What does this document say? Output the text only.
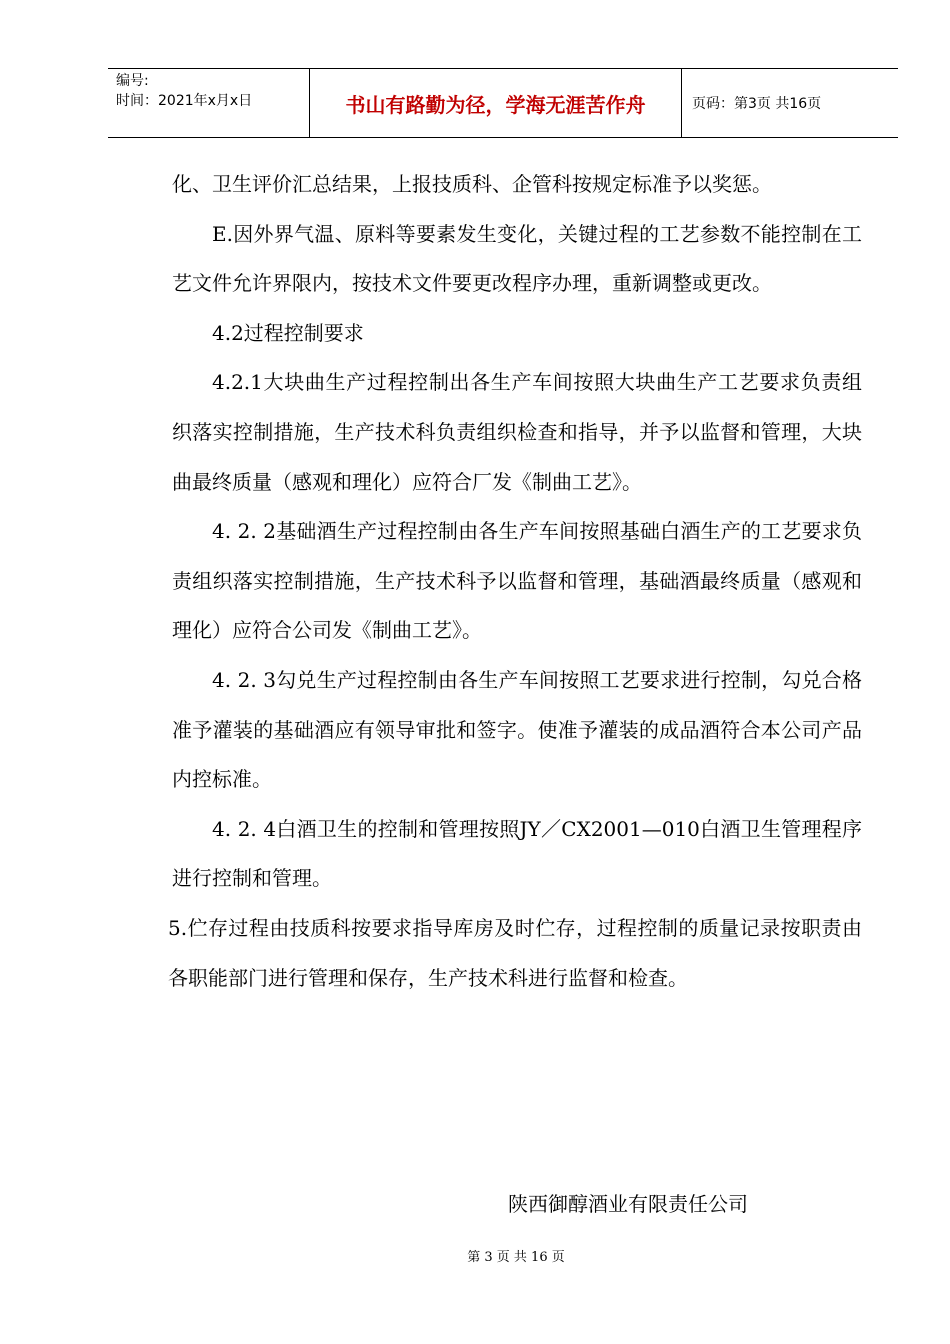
编号:
时间：2021年x月x日	书山有路勤为径，学海无涯苦作舟	页码：第3页 共16页

化、卫生评价汇总结果，上报技质科、企管科按规定标准予以奖惩。

E.因外界气温、原料等要素发生变化，关键过程的工艺参数不能控制在工艺文件允许界限内，按技术文件要更改程序办理，重新调整或更改。

4.2过程控制要求

4.2.1大块曲生产过程控制出各生产车间按照大块曲生产工艺要求负责组织落实控制措施，生产技术科负责组织检查和指导，并予以监督和管理，大块曲最终质量（感观和理化）应符合厂发《制曲工艺》。

4. 2. 2基础酒生产过程控制由各生产车间按照基础白酒生产的工艺要求负责组织落实控制措施，生产技术科予以监督和管理，基础酒最终质量（感观和理化）应符合公司发《制曲工艺》。

4. 2. 3勾兑生产过程控制由各生产车间按照工艺要求进行控制，勾兑合格准予灌装的基础酒应有领导审批和签字。使准予灌装的成品酒符合本公司产品内控标准。

4. 2. 4白酒卫生的控制和管理按照JY／CX2001—010白酒卫生管理程序进行控制和管理。

5.伫存过程由技质科按要求指导库房及时伫存，过程控制的质量记录按职责由各职能部门进行管理和保存，生产技术科进行监督和检查。

陕西御醇酒业有限责任公司
第 3 页 共 16 页
